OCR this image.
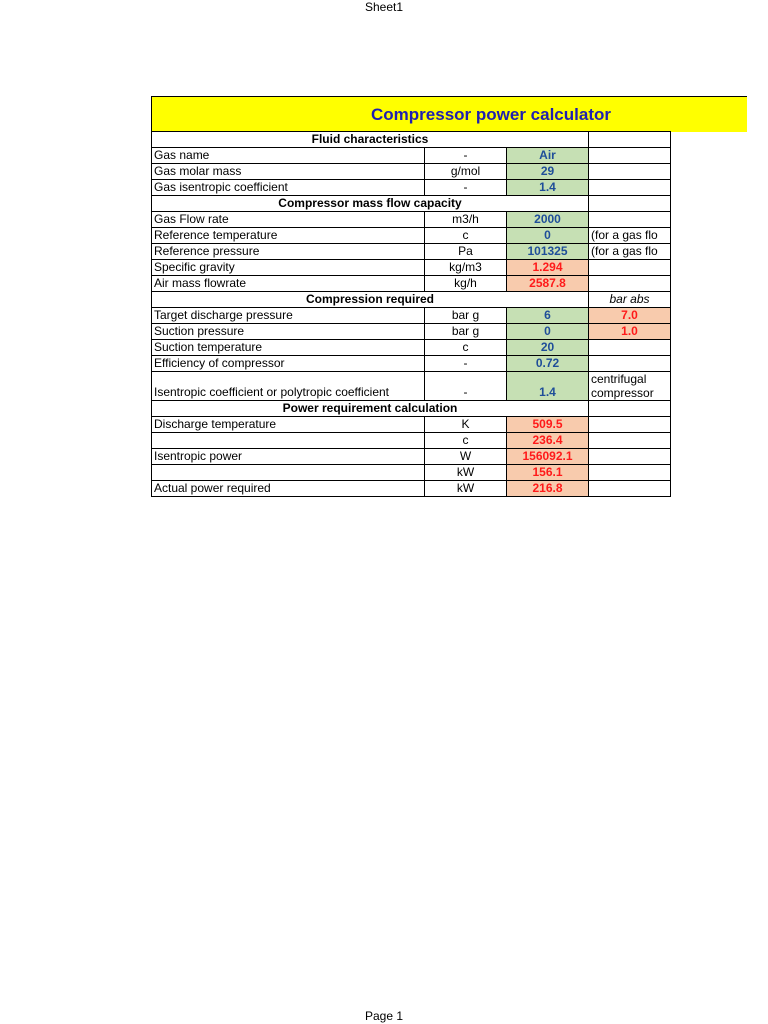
Sheet1
Compressor power calculator
Fluid characteristics			
Gas name	-	Air	
Gas molar mass	g/mol	29	
Gas isentropic coefficient	-	1.4	
Compressor mass flow capacity			
Gas Flow rate	m3/h	2000	
Reference temperature	c	0	(for a gas flo
Reference pressure	Pa	101325	(for a gas flo
Specific gravity	kg/m3	1.294	
Air mass flowrate	kg/h	2587.8	
Compression required			bar abs
Target discharge pressure	bar g	6	7.0
Suction pressure	bar g	0	1.0
Suction temperature	c	20	
Efficiency of compressor	-	0.72	
Isentropic coefficient or polytropic coefficient	-	1.4	centrifugal compressor
Power requirement calculation			
Discharge temperature	K	509.5	
	c	236.4	
Isentropic power	W	156092.1	
	kW	156.1	
Actual power required	kW	216.8	
Page 1
